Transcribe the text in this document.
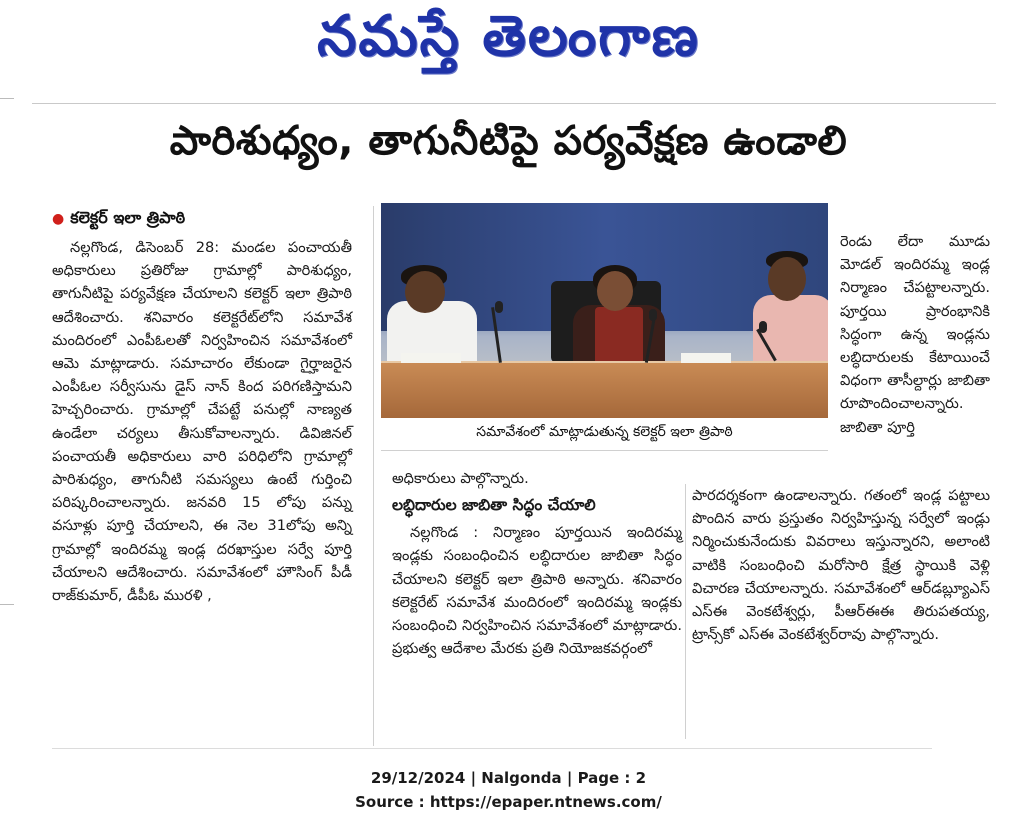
నమస్తే తెలంగాణ
పారిశుధ్యం, తాగునీటిపై పర్యవేక్షణ ఉండాలి
● కలెక్టర్ ఇలా త్రిపాఠి

నల్లగొండ, డిసెంబర్ 28: మండల పంచాయతీ అధికారులు ప్రతిరోజు గ్రామాల్లో పారిశుధ్యం, తాగునీటిపై పర్యవేక్షణ చేయాలని కలెక్టర్ ఇలా త్రిపాఠి ఆదేశించారు. శనివారం కలెక్టరేట్‌లోని సమావేశ మందిరంలో ఎంపీఓలతో నిర్వహించిన సమావేశంలో ఆమె మాట్లాడారు. సమాచారం లేకుండా గైర్హాజరైన ఎంపీఓల సర్వీసును డైస్ నాన్ కింద పరిగణిస్తామని హెచ్చరించారు. గ్రామాల్లో చేపట్టే పనుల్లో నాణ్యత ఉండేలా చర్యలు తీసుకోవాలన్నారు. డివిజినల్ పంచాయతీ అధికారులు వారి పరిధిలోని గ్రామాల్లో పారిశుధ్యం, తాగునీటి సమస్యలు ఉంటే గుర్తించి పరిష్కరించాలన్నారు. జనవరి 15 లోపు పన్ను వసూళ్లు పూర్తి చేయాలని, ఈ నెల 31లోపు అన్ని గ్రామాల్లో ఇందిరమ్మ ఇండ్ల దరఖాస్తుల సర్వే పూర్తి చేయాలని ఆదేశించారు. సమావేశంలో హౌసింగ్ పీడీ రాజ్‌కుమార్, డీపీఓ మురళి ,

సమావేశంలో మాట్లాడుతున్న కలెక్టర్ ఇలా త్రిపాఠి

రెండు లేదా మూడు మోడల్ ఇందిరమ్మ ఇండ్ల నిర్మాణం చేపట్టాలన్నారు. పూర్తయి ప్రారంభానికి సిద్ధంగా ఉన్న ఇండ్లను లబ్ధిదారులకు కేటాయించే విధంగా తాసీల్దార్లు జాబితా రూపొందించాలన్నారు. జాబితా పూర్తి

అధికారులు పాల్గొన్నారు.

లబ్ధిదారుల జాబితా సిద్ధం చేయాలి

నల్లగొండ : నిర్మాణం పూర్తయిన ఇందిరమ్మ ఇండ్లకు సంబంధించిన లబ్ధిదారుల జాబితా సిద్ధం చేయాలని కలెక్టర్ ఇలా త్రిపాఠి అన్నారు. శనివారం కలెక్టరేట్ సమావేశ మందిరంలో ఇందిరమ్మ ఇండ్లకు సంబంధించి నిర్వహించిన సమావేశంలో మాట్లాడారు. ప్రభుత్వ ఆదేశాల మేరకు ప్రతి నియోజకవర్గంలో

పారదర్శకంగా ఉండాలన్నారు. గతంలో ఇండ్ల పట్టాలు పొందిన వారు ప్రస్తుతం నిర్వహిస్తున్న సర్వేలో ఇండ్లు నిర్మించుకునేందుకు వివరాలు ఇస్తున్నారని, అలాంటి వాటికి సంబంధించి మరోసారి క్షేత్ర స్థాయికి వెళ్లి విచారణ చేయాలన్నారు. సమావేశంలో ఆర్‌డబ్ల్యూఎస్ ఎస్ఈ వెంకటేశ్వర్లు, పీఆర్ఈఈ తిరుపతయ్య, ట్రాన్స్‌కో ఎస్ఈ వెంకటేశ్వర్‌రావు పాల్గొన్నారు.

29/12/2024 | Nalgonda | Page : 2
Source : https://epaper.ntnews.com/
